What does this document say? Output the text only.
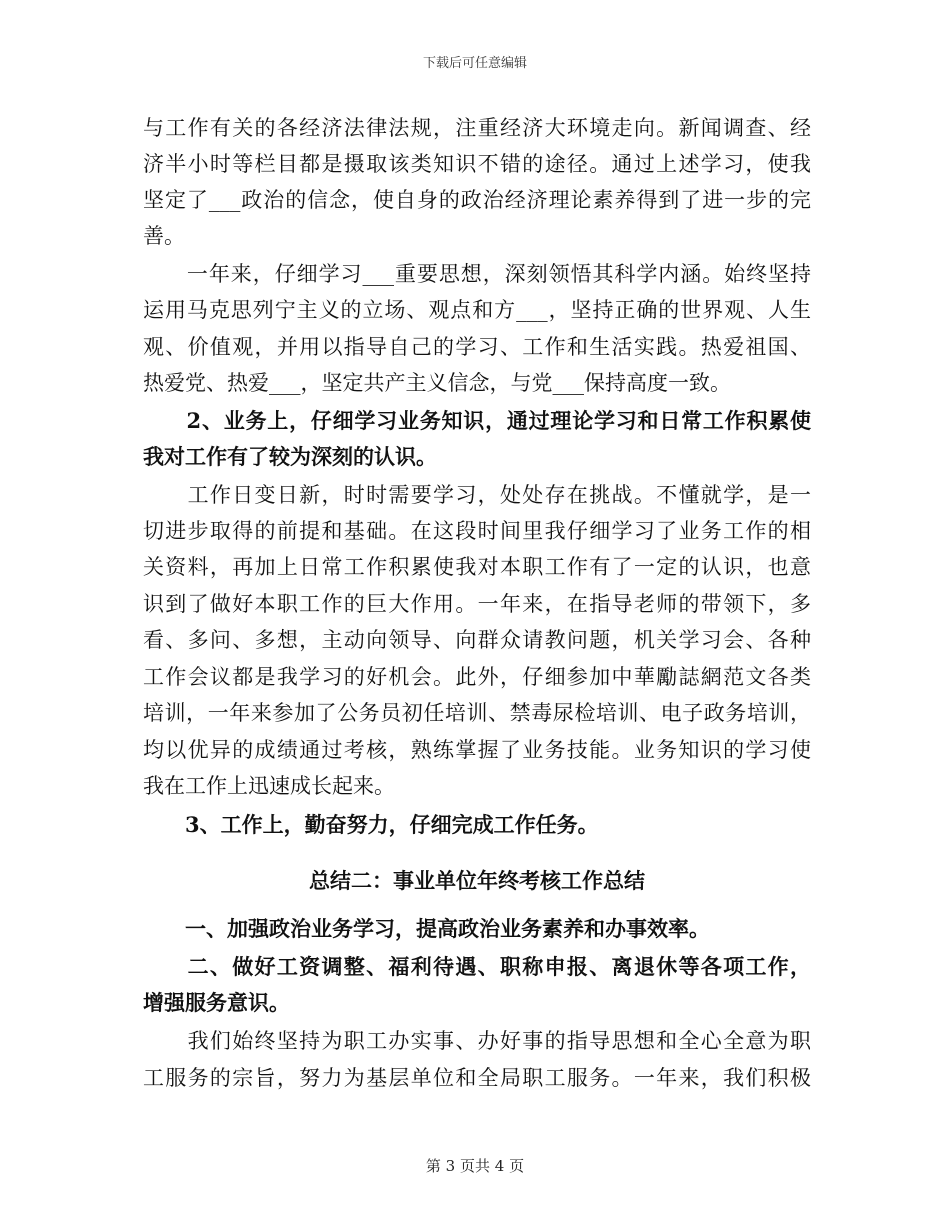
下载后可任意编辑
与工作有关的各经济法律法规，注重经济大环境走向。新闻调查、经
济半小时等栏目都是摄取该类知识不错的途径。通过上述学习，使我
坚定了___政治的信念，使自身的政治经济理论素养得到了进一步的完
善。
　　一年来，仔细学习___重要思想，深刻领悟其科学内涵。始终坚持
运用马克思列宁主义的立场、观点和方___，坚持正确的世界观、人生
观、价值观，并用以指导自己的学习、工作和生活实践。热爱祖国、
热爱党、热爱___，坚定共产主义信念，与党___保持高度一致。
　　2、业务上，仔细学习业务知识，通过理论学习和日常工作积累使
我对工作有了较为深刻的认识。
　　工作日变日新，时时需要学习，处处存在挑战。不懂就学，是一
切进步取得的前提和基础。在这段时间里我仔细学习了业务工作的相
关资料，再加上日常工作积累使我对本职工作有了一定的认识，也意
识到了做好本职工作的巨大作用。一年来，在指导老师的带领下，多
看、多问、多想，主动向领导、向群众请教问题，机关学习会、各种
工作会议都是我学习的好机会。此外，仔细参加中華勵誌網范文各类
培训，一年来参加了公务员初任培训、禁毒尿检培训、电子政务培训，
均以优异的成绩通过考核，熟练掌握了业务技能。业务知识的学习使
我在工作上迅速成长起来。
　　3、工作上，勤奋努力，仔细完成工作任务。
总结二：事业单位年终考核工作总结
　　一、加强政治业务学习，提高政治业务素养和办事效率。
　　二、做好工资调整、福利待遇、职称申报、离退休等各项工作，
增强服务意识。
　　我们始终坚持为职工办实事、办好事的指导思想和全心全意为职
工服务的宗旨，努力为基层单位和全局职工服务。一年来，我们积极
第 3 页共 4 页
